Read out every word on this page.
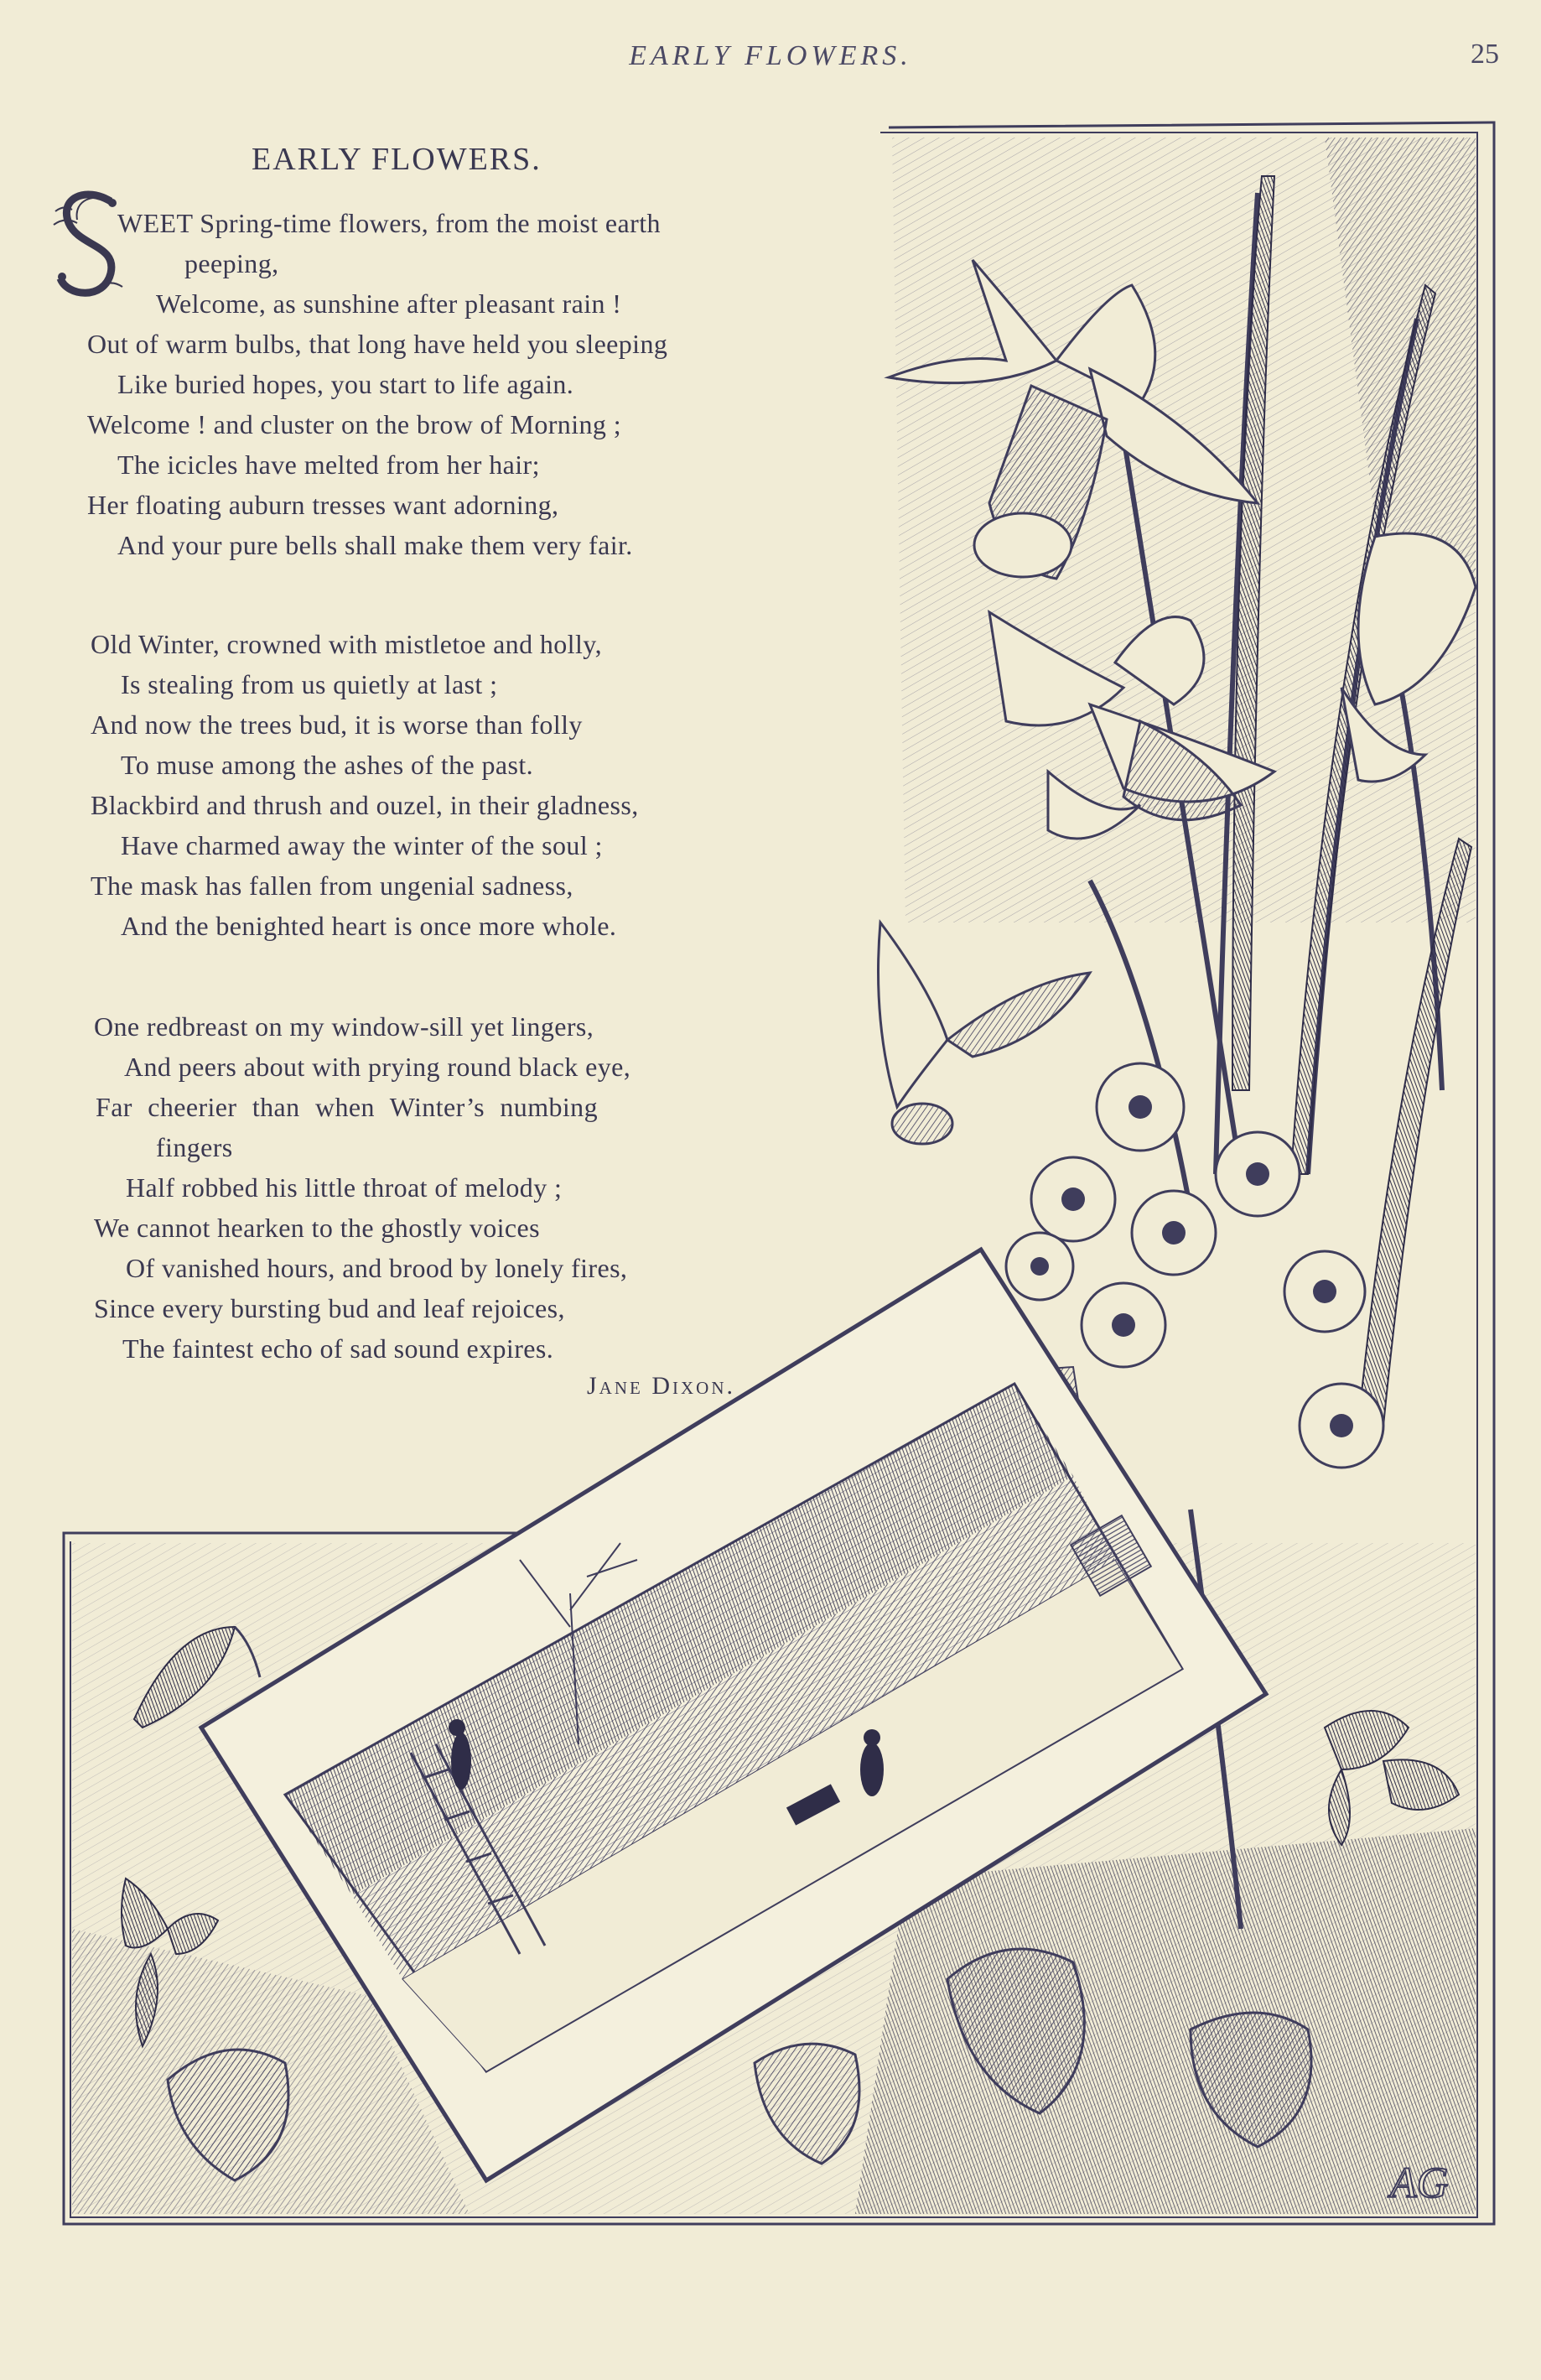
EARLY FLOWERS.	25
EARLY FLOWERS.
WEET Spring-time flowers, from the moist earth
peeping,
Welcome, as sunshine after pleasant rain !
Out of warm bulbs, that long have held you sleeping
Like buried hopes, you start to life again.
Welcome ! and cluster on the brow of Morning ;
The icicles have melted from her hair;
Her floating auburn tresses want adorning,
And your pure bells shall make them very fair.
Old Winter, crowned with mistletoe and holly,
Is stealing from us quietly at last ;
And now the trees bud, it is worse than folly
To muse among the ashes of the past.
Blackbird and thrush and ouzel, in their gladness,
Have charmed away the winter of the soul ;
The mask has fallen from ungenial sadness,
And the benighted heart is once more whole.
One redbreast on my window-sill yet lingers,
And peers about with prying round black eye,
Far cheerier than when Winter’s numbing
fingers
Half robbed his little throat of melody ;
We cannot hearken to the ghostly voices
Of vanished hours, and brood by lonely fires,
Since every bursting bud and leaf rejoices,
The faintest echo of sad sound expires.
Jane Dixon.
AG
